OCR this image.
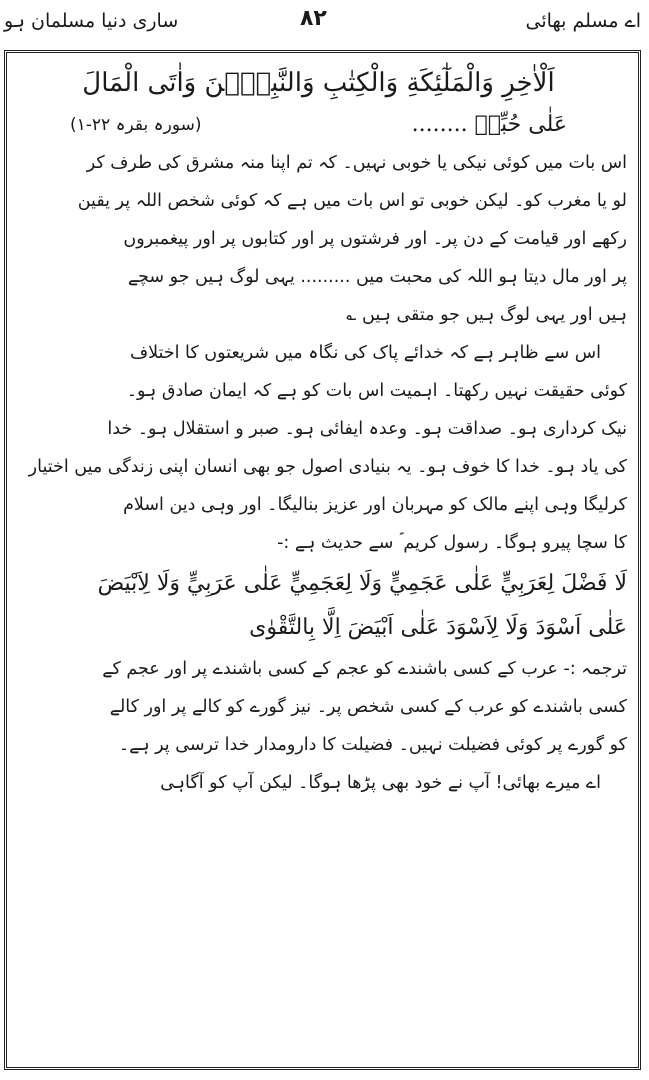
اے مسلم بھائی
۸۲
ساری دنیا مسلمان ہو
اَلْاٰخِرِ وَالْمَلٰٓئِكَةِ وَالْكِتٰبِ وَالنَّبِيّٖنَ وَاٰتَى الْمَالَ
عَلٰى حُبِّهٖ ........
(سورہ بقرہ ۲۲-۱)
اس بات میں کوئی نیکی یا خوبی نہیں۔ کہ تم اپنا منہ مشرق کی طرف کر
لو یا مغرب کو۔ لیکن خوبی تو اس بات میں ہے کہ کوئی شخص اللہ پر یقین
رکھے اور قیامت کے دن پر۔ اور فرشتوں پر اور کتابوں پر اور پیغمبروں
پر اور مال دیتا ہو اللہ کی محبت میں ......... یہی لوگ ہیں جو سچے
ہیں اور یہی لوگ ہیں جو متقی ہیں ؎
اس سے ظاہر ہے کہ خدائے پاک کی نگاہ میں شریعتوں کا اختلاف
کوئی حقیقت نہیں رکھتا۔ اہمیت اس بات کو ہے کہ ایمان صادق ہو۔
نیک کرداری ہو۔ صداقت ہو۔ وعدہ ایفائی ہو۔ صبر و استقلال ہو۔ خدا
کی یاد ہو۔ خدا کا خوف ہو۔ یہ بنیادی اصول جو بھی انسان اپنی زندگی میں اختیار
کرلیگا وہی اپنے مالک کو مہربان اور عزیز بنالیگا۔ اور وہی دین اسلام
کا سچا پیرو ہوگا۔ رسول کریم ؐ سے حدیث ہے :-
لَا فَضْلَ لِعَرَبِيٍّ عَلٰى عَجَمِيٍّ وَلَا لِعَجَمِيٍّ عَلٰى عَرَبِيٍّ وَلَا لِاَبْيَضَ
عَلٰى اَسْوَدَ وَلَا لِاَسْوَدَ عَلٰى اَبْيَضَ اِلَّا بِالتَّقْوٰى
ترجمہ :- عرب کے کسی باشندے کو عجم کے کسی باشندے پر اور عجم کے
کسی باشندے کو عرب کے کسی شخص پر۔ نیز گورے کو کالے پر اور کالے
کو گورے پر کوئی فضیلت نہیں۔ فضیلت کا دارومدار خدا ترسی پر ہے۔
اے میرے بھائی! آپ نے خود بھی پڑھا ہوگا۔ لیکن آپ کو آگاہی
